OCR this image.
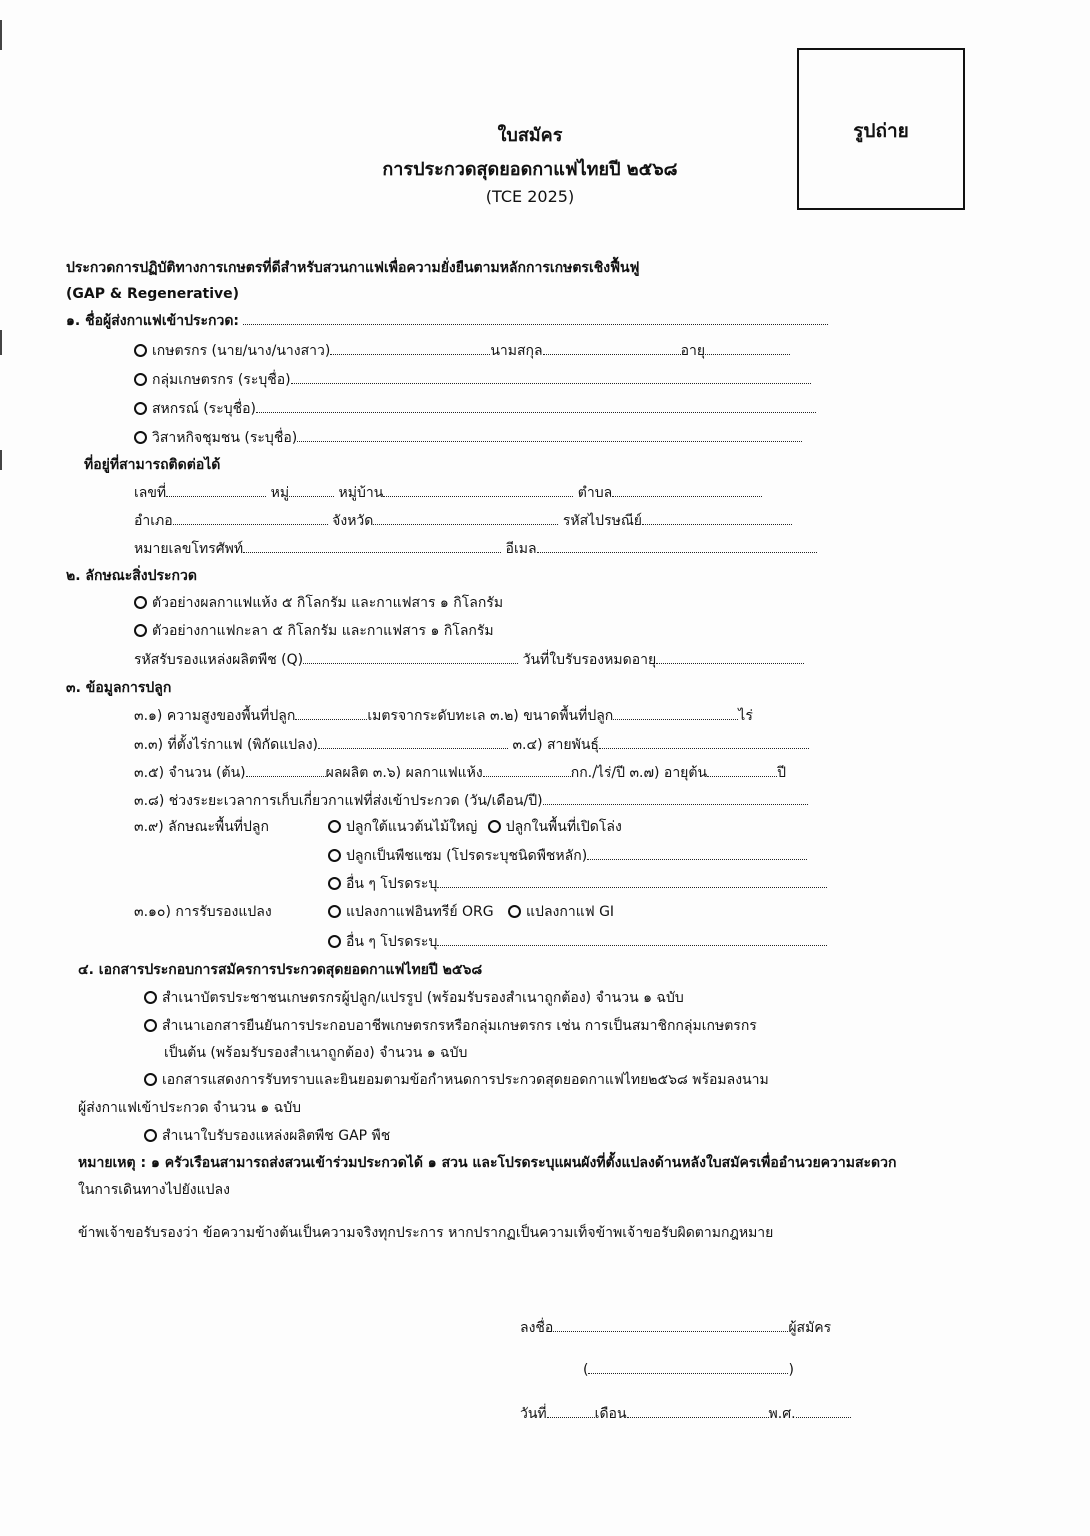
รูปถ่าย
ใบสมัคร
การประกวดสุดยอดกาแฟไทยปี ๒๕๖๘
(TCE 2025)
ประกวดการปฏิบัติทางการเกษตรที่ดีสำหรับสวนกาแฟเพื่อความยั่งยืนตามหลักการเกษตรเชิงฟื้นฟู
(GAP & Regenerative)
๑. ชื่อผู้ส่งกาแฟเข้าประกวด:
เกษตรกร (นาย/นาง/นางสาว)	นามสกุล	อายุ
กลุ่มเกษตรกร (ระบุชื่อ)
สหกรณ์ (ระบุชื่อ)
วิสาหกิจชุมชน (ระบุชื่อ)
ที่อยู่ที่สามารถติดต่อได้
เลขที่	หมู่	หมู่บ้าน	ตำบล
อำเภอ	จังหวัด	รหัสไปรษณีย์
หมายเลขโทรศัพท์	อีเมล
๒. ลักษณะสิ่งประกวด
ตัวอย่างผลกาแฟแห้ง ๕ กิโลกรัม และกาแฟสาร ๑ กิโลกรัม
ตัวอย่างกาแฟกะลา ๕ กิโลกรัม และกาแฟสาร ๑ กิโลกรัม
รหัสรับรองแหล่งผลิตพืช (Q)	วันที่ใบรับรองหมดอายุ
๓. ข้อมูลการปลูก
๓.๑) ความสูงของพื้นที่ปลูก	เมตรจากระดับทะเล ๓.๒) ขนาดพื้นที่ปลูก	ไร่
๓.๓) ที่ตั้งไร่กาแฟ (พิกัดแปลง)	๓.๔) สายพันธุ์
๓.๕) จำนวน (ต้น)	ผลผลิต ๓.๖) ผลกาแฟแห้ง	กก./ไร่/ปี ๓.๗) อายุต้น	ปี
๓.๘) ช่วงระยะเวลาการเก็บเกี่ยวกาแฟที่ส่งเข้าประกวด (วัน/เดือน/ปี)
๓.๙) ลักษณะพื้นที่ปลูก	ปลูกใต้แนวต้นไม้ใหญ่ ปลูกในพื้นที่เปิดโล่ง
ปลูกเป็นพืชแซม (โปรดระบุชนิดพืชหลัก)
อื่น ๆ โปรดระบุ
๓.๑๐) การรับรองแปลง	แปลงกาแฟอินทรีย์ ORG แปลงกาแฟ GI
อื่น ๆ โปรดระบุ
๔. เอกสารประกอบการสมัครการประกวดสุดยอดกาแฟไทยปี ๒๕๖๘
สำเนาบัตรประชาชนเกษตรกรผู้ปลูก/แปรรูป (พร้อมรับรองสำเนาถูกต้อง) จำนวน ๑ ฉบับ
สำเนาเอกสารยืนยันการประกอบอาชีพเกษตรกรหรือกลุ่มเกษตรกร เช่น การเป็นสมาชิกกลุ่มเกษตรกร
เป็นต้น (พร้อมรับรองสำเนาถูกต้อง) จำนวน ๑ ฉบับ
เอกสารแสดงการรับทราบและยินยอมตามข้อกำหนดการประกวดสุดยอดกาแฟไทย๒๕๖๘ พร้อมลงนาม
ผู้ส่งกาแฟเข้าประกวด จำนวน ๑ ฉบับ
สำเนาใบรับรองแหล่งผลิตพืช GAP พืช
หมายเหตุ : ๑ ครัวเรือนสามารถส่งสวนเข้าร่วมประกวดได้ ๑ สวน และโปรดระบุแผนผังที่ตั้งแปลงด้านหลังใบสมัครเพื่ออำนวยความสะดวก
ในการเดินทางไปยังแปลง
ข้าพเจ้าขอรับรองว่า ข้อความข้างต้นเป็นความจริงทุกประการ หากปรากฏเป็นความเท็จข้าพเจ้าขอรับผิดตามกฎหมาย
ลงชื่อ	ผู้สมัคร
(	)
วันที่	เดือน	พ.ศ.
